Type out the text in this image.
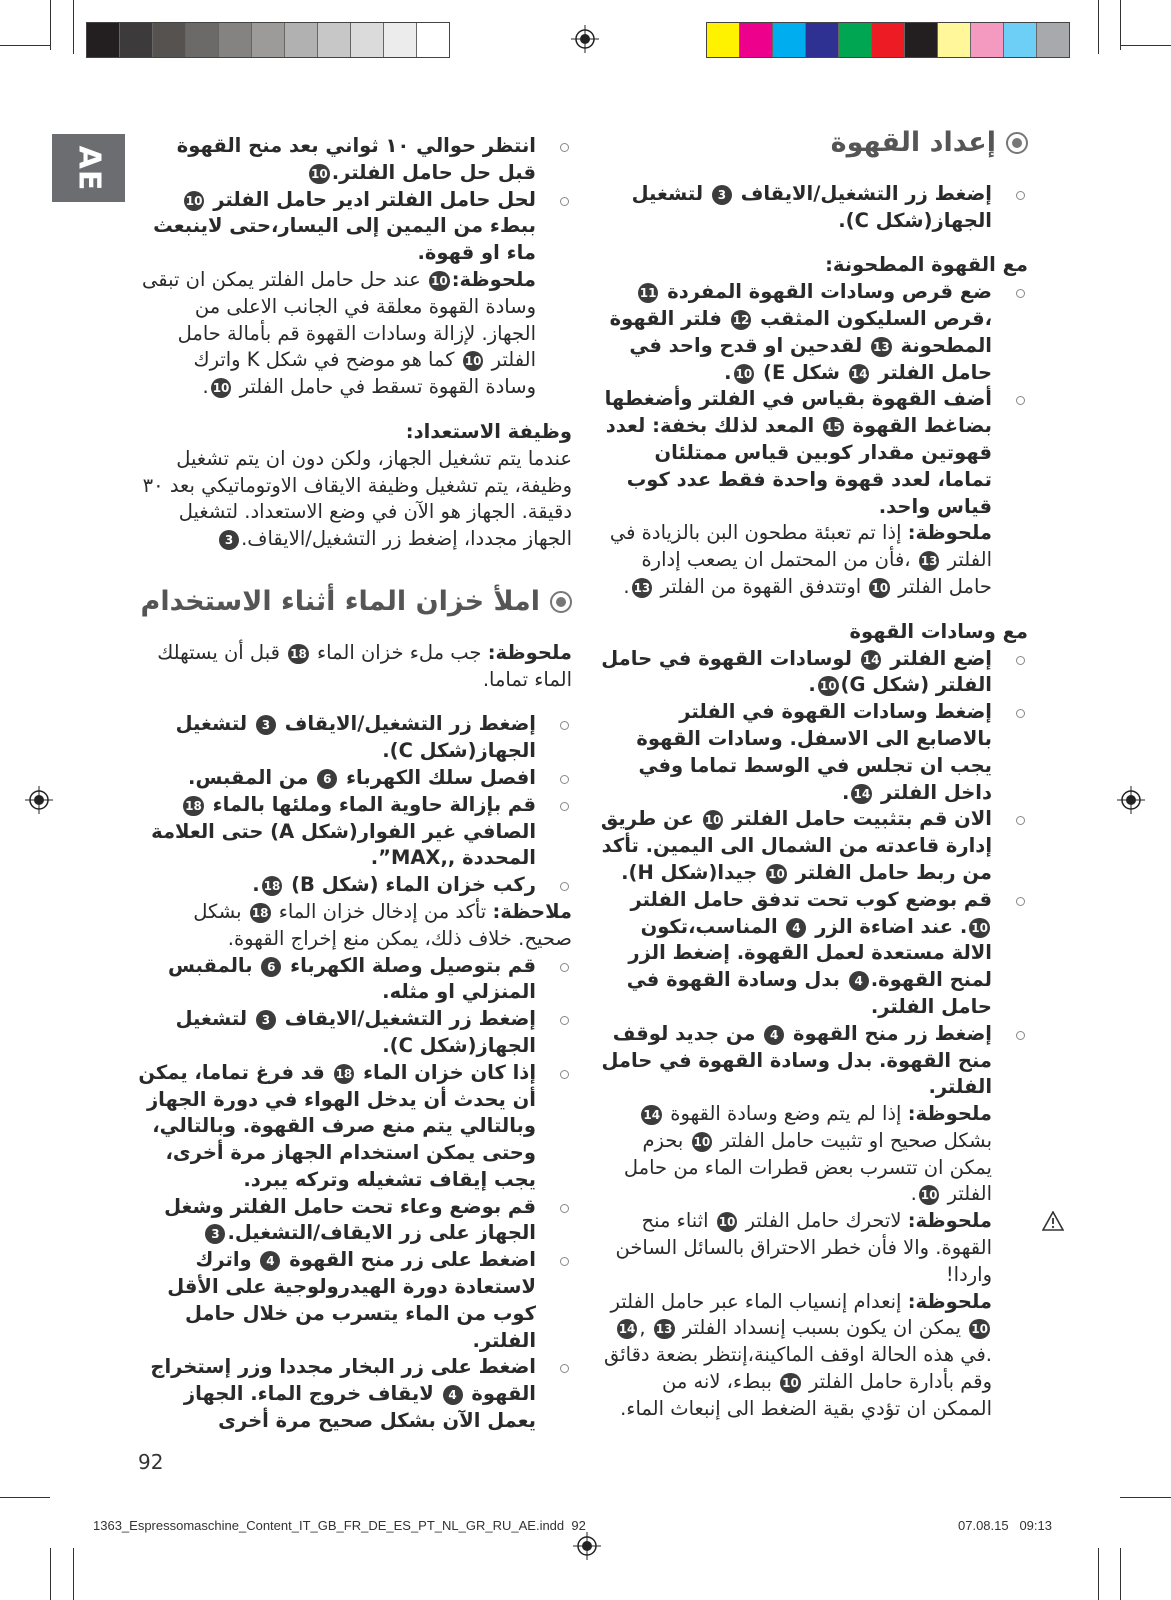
AE
إعداد القهوة
إضغط زر التشغيل/الايقاف 3 لتشغيل الجهاز(شكل C).

مع القهوة المطحونة:

ضع قرص وسادات القهوة المفردة 11،قرص السليكون المثقب 12 فلتر القهوة المطحونة 13 لقدحين او قدح واحد في حامل الفلتر 14 شكل E) 10.
أضف القهوة بقياس في الفلتر وأضغطها بضاغط القهوة 15 المعد لذلك بخفة: لعدد قهوتين مقدار كوبين قياس ممتلئان تماما، لعدد قهوة واحدة فقط عدد كوب قياس واحد.

ملحوظة: إذا تم تعبئة مطحون البن بالزيادة في الفلتر 13 ،فأن من المحتمل ان يصعب إدارة حامل الفلتر 10 اوتتدفق القهوة من الفلتر 13.

مع وسادات القهوة

إضع الفلتر 14 لوسادات القهوة في حامل الفلتر (شكل G)10.
إضغط وسادات القهوة في الفلتر بالاصابع الى الاسفل. وسادات القهوة يجب ان تجلس في الوسط تماما وفي داخل الفلتر 14.
الان قم بتثبيت حامل الفلتر 10 عن طريق إدارة قاعدته من الشمال الى اليمين. تأكد من ربط حامل الفلتر 10 جيدا(شكل H).
قم بوضع كوب تحت تدفق حامل الفلتر 10. عند اضاءة الزر 4 المناسب،تكون الالة مستعدة لعمل القهوة. إضغط الزر لمنح القهوة.4 بدل وسادة القهوة في حامل الفلتر.
إضغط زر منح القهوة 4 من جديد لوقف منح القهوة. بدل وسادة القهوة في حامل الفلتر.

ملحوظة: إذا لم يتم وضع وسادة القهوة 14 بشكل صحيح او تثبيت حامل الفلتر 10 بحزم يمكن ان تتسرب بعض قطرات الماء من حامل الفلتر 10.

ملحوظة: لاتحرك حامل الفلتر 10 اثناء منح القهوة. والا فأن خطر الاحتراق بالسائل الساخن واردا!

ملحوظة: إنعدام إنسياب الماء عبر حامل الفلتر 10 يمكن ان يكون بسبب إنسداد الفلتر 13 ,14.في هذه الحالة اوقف الماكينة،إنتظر بضعة دقائق وقم بأدارة حامل الفلتر 10 ببطء، لانه من الممكن ان تؤدي بقية الضغط الى إنبعاث الماء.

انتظر حوالي ١٠ ثواني بعد منح القهوة قبل حل حامل الفلتر.10
لحل حامل الفلتر ادير حامل الفلتر 10 ببطء من اليمين إلى اليسار،حتى لاينبعث ماء او قهوة.

ملحوظة:10 عند حل حامل الفلتر يمكن ان تبقى وسادة القهوة معلقة في الجانب الاعلى من الجهاز. لإزالة وسادات القهوة قم بأمالة حامل الفلتر 10 كما هو موضح في شكل K واترك وسادة القهوة تسقط في حامل الفلتر 10.

وظيفة الاستعداد:

عندما يتم تشغيل الجهاز، ولكن دون ان يتم تشغيل وظيفة، يتم تشغيل وظيفة الايقاف الاوتوماتيكي بعد ٣٠ دقيقة. الجهاز هو الآن في وضع الاستعداد. لتشغيل الجهاز مجددا، إضغط زر التشغيل/الايقاف.3

املأ خزان الماء أثناء الاستخدام

ملحوظة: جب ملء خزان الماء 18 قبل أن يستهلك الماء تماما.

إضغط زر التشغيل/الايقاف 3 لتشغيل الجهاز(شكل C).
افصل سلك الكهرباء 6 من المقبس.
قم بإزالة حاوية الماء وملئها بالماء 18 الصافي غير الفوار(شكل A) حتى العلامة المحددة ,,MAX”.
ركب خزان الماء (شكل B) 18.

ملاحظة: تأكد من إدخال خزان الماء 18 بشكل صحيح. خلاف ذلك، يمكن منع إخراج القهوة.

قم بتوصيل وصلة الكهرباء 6 بالمقبس المنزلي او مثله.
إضغط زر التشغيل/الايقاف 3 لتشغيل الجهاز(شكل C).
إذا كان خزان الماء 18 قد فرغ تماما، يمكن أن يحدث أن يدخل الهواء في دورة الجهاز وبالتالي يتم منع صرف القهوة. وبالتالي، وحتى يمكن استخدام الجهاز مرة أخرى، يجب إيقاف تشغيله وتركه يبرد.
قم بوضع وعاء تحت حامل الفلتر وشغل الجهاز على زر الايقاف/التشغيل.3
اضغط على زر منح القهوة 4 واترك لاستعادة دورة الهيدرولوجية على الأقل كوب من الماء يتسرب من خلال حامل الفلتر.
اضغط على زر البخار مجددا وزر إستخراج القهوة 4 لايقاف خروج الماء. الجهاز يعمل الآن بشكل صحيح مرة أخرى
92
1363_Espressomaschine_Content_IT_GB_FR_DE_ES_PT_NL_GR_RU_AE.indd 92	07.08.15 09:13
